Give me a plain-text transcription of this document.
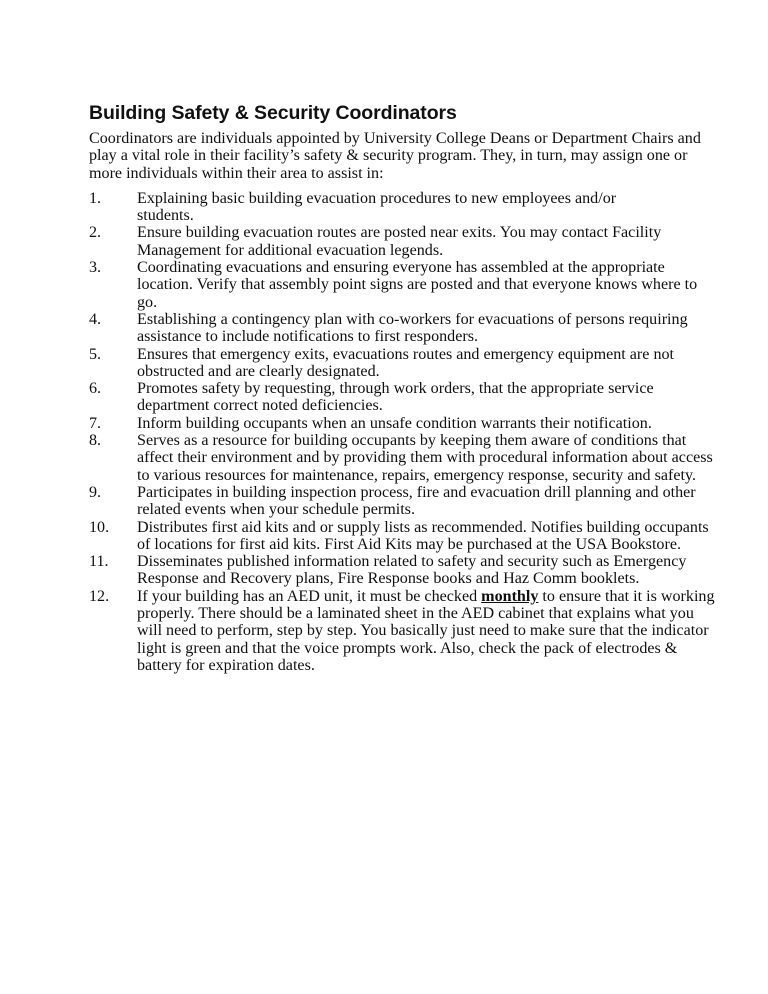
Building Safety & Security Coordinators

Coordinators are individuals appointed by University College Deans or Department Chairs and
play a vital role in their facility’s safety & security program. They, in turn, may assign one or
more individuals within their area to assist in:

1.	Explaining basic building evacuation procedures to new employees and/or
students.
2.	Ensure building evacuation routes are posted near exits. You may contact Facility
Management for additional evacuation legends.
3.	Coordinating evacuations and ensuring everyone has assembled at the appropriate
location. Verify that assembly point signs are posted and that everyone knows where to
go.
4.	Establishing a contingency plan with co-workers for evacuations of persons requiring
assistance to include notifications to first responders.
5.	Ensures that emergency exits, evacuations routes and emergency equipment are not
obstructed and are clearly designated.
6.	Promotes safety by requesting, through work orders, that the appropriate service
department correct noted deficiencies.
7.	Inform building occupants when an unsafe condition warrants their notification.
8.	Serves as a resource for building occupants by keeping them aware of conditions that
affect their environment and by providing them with procedural information about access
to various resources for maintenance, repairs, emergency response, security and safety.
9.	Participates in building inspection process, fire and evacuation drill planning and other
related events when your schedule permits.
10.	Distributes first aid kits and or supply lists as recommended. Notifies building occupants
of locations for first aid kits. First Aid Kits may be purchased at the USA Bookstore.
11.	Disseminates published information related to safety and security such as Emergency
Response and Recovery plans, Fire Response books and Haz Comm booklets.
12.	If your building has an AED unit, it must be checked monthly to ensure that it is working
properly. There should be a laminated sheet in the AED cabinet that explains what you
will need to perform, step by step. You basically just need to make sure that the indicator
light is green and that the voice prompts work. Also, check the pack of electrodes &
battery for expiration dates.
